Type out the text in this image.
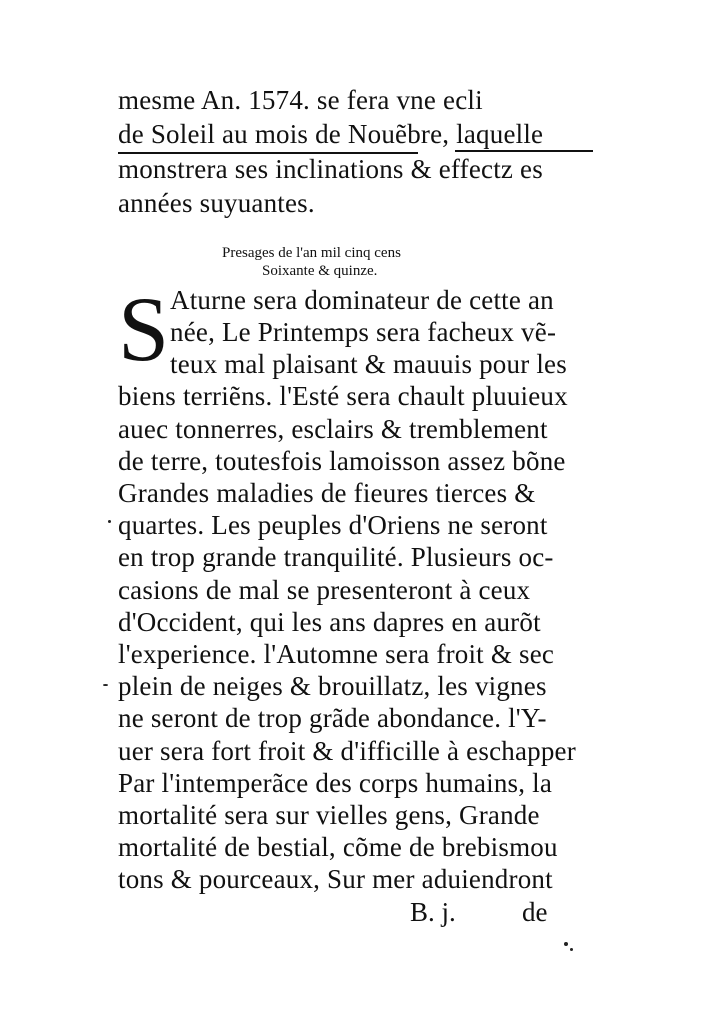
mesme An. 1574. se fera vne ecli
de Soleil au mois de Nouẽbre, laquelle
monstrera ses inclinations & effectz es
années suyuantes.
Presages de l'an mil cinq cens
Soixante & quinze.
S Aturne sera dominateur de cette an
née, Le Printemps sera facheux vẽ-
teux mal plaisant & mauuis pour les
biens terriẽns. l'Esté sera chault pluuieux
auec tonnerres, esclairs & tremblement
de terre, toutesfois lamoisson assez bõne
Grandes maladies de fieures tierces &
quartes. Les peuples d'Oriens ne seront
en trop grande tranquilité. Plusieurs oc-
casions de mal se presenteront à ceux
d'Occident, qui les ans dapres en aurõt
l'experience. l'Automne sera froit & sec
plein de neiges & brouillatz, les vignes
ne seront de trop grãde abondance. l'Y-
uer sera fort froit & d'ifficille à eschapper
Par l'intemperãce des corps humains, la
mortalité sera sur vielles gens, Grande
mortalité de bestial, cõme de brebismou
tons & pourceaux, Sur mer aduiendront
B. j. de
